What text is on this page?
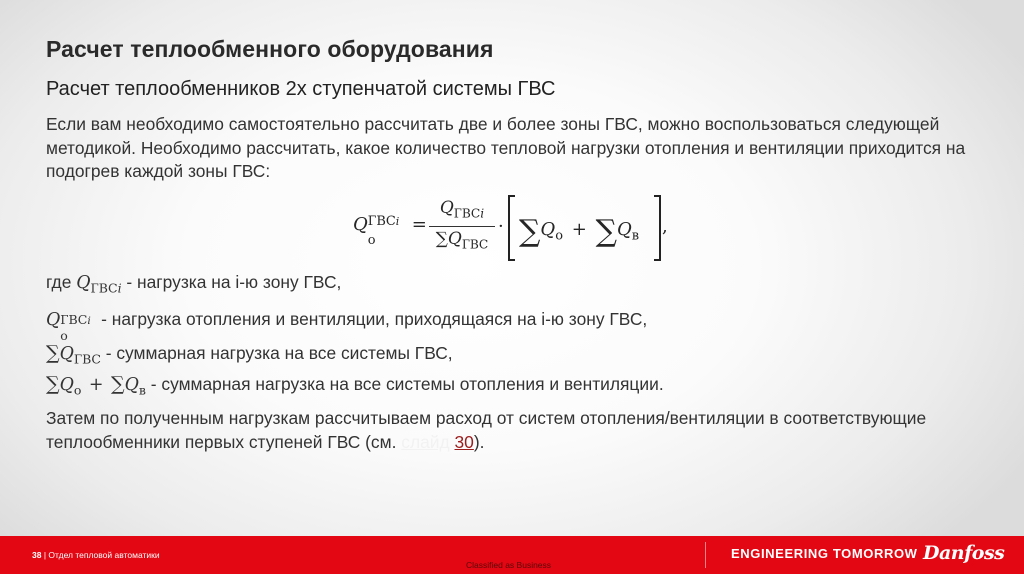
Расчет теплообменного оборудования
Расчет теплообменников 2х ступенчатой системы ГВС
Если вам необходимо самостоятельно рассчитать две и более зоны ГВС, можно воспользоваться следующей методикой. Необходимо рассчитать, какое количество тепловой нагрузки отопления и вентиляции приходится на подогрев каждой зоны ГВС:
Q ГВСi
о
=
$Q_{ГВСi}$
$\sum Q_{ГВС}$
· $\sum Q_о + \sum Q_в$ ,
где $Q_{ГВСi}$ - нагрузка на i-ю зону ГВС,
Q ГВСi
о
- нагрузка отопления и вентиляции, приходящаяся на i-ю зону ГВС,
$\sum Q_{ГВС}$ - суммарная нагрузка на все системы ГВС,
$\sum Q_о + \sum Q_в$ - суммарная нагрузка на все системы отопления и вентиляции.
Затем по полученным нагрузкам рассчитываем расход от систем отопления/вентиляции в соответствующие теплообменники первых ступеней ГВС (см. слайд 30).
38 | Отдел тепловой автоматики
Classified as Business
ENGINEERING TOMORROW Danfoss
